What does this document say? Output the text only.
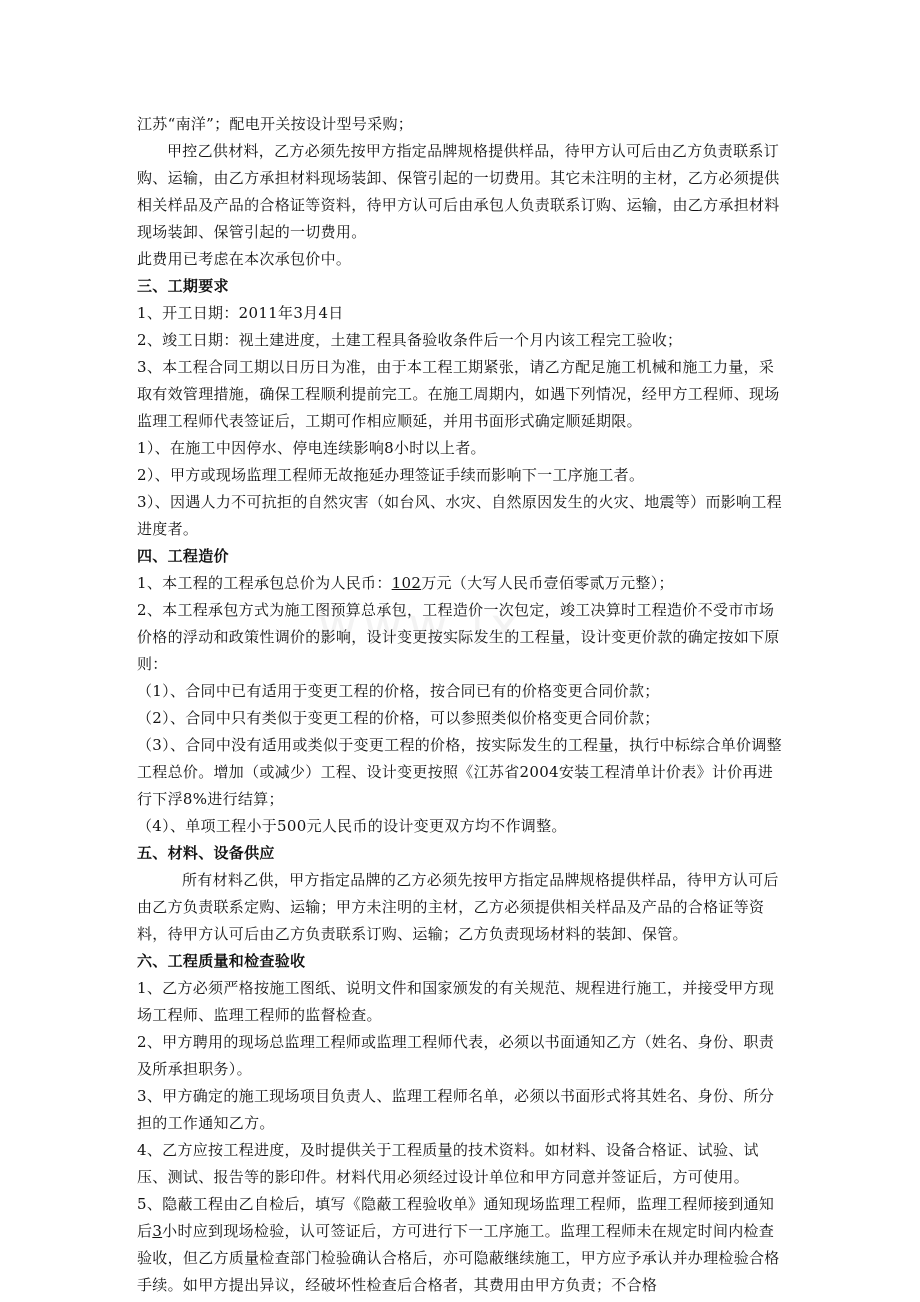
江苏“南洋”；配电开关按设计型号采购；

甲控乙供材料，乙方必须先按甲方指定品牌规格提供样品，待甲方认可后由乙方负责联系订购、运输，由乙方承担材料现场装卸、保管引起的一切费用。其它未注明的主材，乙方必须提供相关样品及产品的合格证等资料，待甲方认可后由承包人负责联系订购、运输，由乙方承担材料现场装卸、保管引起的一切费用。

此费用已考虑在本次承包价中。

三、工期要求

1、开工日期：2011年3月4日

2、竣工日期：视土建进度，土建工程具备验收条件后一个月内该工程完工验收；

3、本工程合同工期以日历日为准，由于本工程工期紧张，请乙方配足施工机械和施工力量，采取有效管理措施，确保工程顺利提前完工。在施工周期内，如遇下列情况，经甲方工程师、现场监理工程师代表签证后，工期可作相应顺延，并用书面形式确定顺延期限。

1）、在施工中因停水、停电连续影响8小时以上者。

2）、甲方或现场监理工程师无故拖延办理签证手续而影响下一工序施工者。

3）、因遇人力不可抗拒的自然灾害（如台风、水灾、自然原因发生的火灾、地震等）而影响工程进度者。

四、工程造价

1、本工程的工程承包总价为人民币：102万元（大写人民币壹佰零贰万元整）；

2、本工程承包方式为施工图预算总承包，工程造价一次包定，竣工决算时工程造价不受市市场价格的浮动和政策性调价的影响，设计变更按实际发生的工程量，设计变更价款的确定按如下原则：

（1）、合同中已有适用于变更工程的价格，按合同已有的价格变更合同价款；

（2）、合同中只有类似于变更工程的价格，可以参照类似价格变更合同价款；

（3）、合同中没有适用或类似于变更工程的价格，按实际发生的工程量，执行中标综合单价调整工程总价。增加（或减少）工程、设计变更按照《江苏省2004安装工程清单计价表》计价再进行下浮8%进行结算；

（4）、单项工程小于500元人民币的设计变更双方均不作调整。

五、材料、设备供应

所有材料乙供，甲方指定品牌的乙方必须先按甲方指定品牌规格提供样品，待甲方认可后由乙方负责联系定购、运输；甲方未注明的主材，乙方必须提供相关样品及产品的合格证等资料，待甲方认可后由乙方负责联系订购、运输；乙方负责现场材料的装卸、保管。

六、工程质量和检查验收

1、乙方必须严格按施工图纸、说明文件和国家颁发的有关规范、规程进行施工，并接受甲方现场工程师、监理工程师的监督检查。

2、甲方聘用的现场总监理工程师或监理工程师代表，必须以书面通知乙方（姓名、身份、职责及所承担职务）。

3、甲方确定的施工现场项目负责人、监理工程师名单，必须以书面形式将其姓名、身份、所分担的工作通知乙方。

4、乙方应按工程进度，及时提供关于工程质量的技术资料。如材料、设备合格证、试验、试压、测试、报告等的影印件。材料代用必须经过设计单位和甲方同意并签证后，方可使用。

5、隐蔽工程由乙自检后，填写《隐蔽工程验收单》通知现场监理工程师，监理工程师接到通知后3小时应到现场检验，认可签证后，方可进行下一工序施工。监理工程师未在规定时间内检查验收，但乙方质量检查部门检验确认合格后，亦可隐蔽继续施工，甲方应予承认并办理检验合格手续。如甲方提出异议，经破坏性检查后合格者，其费用由甲方负责；不合格
